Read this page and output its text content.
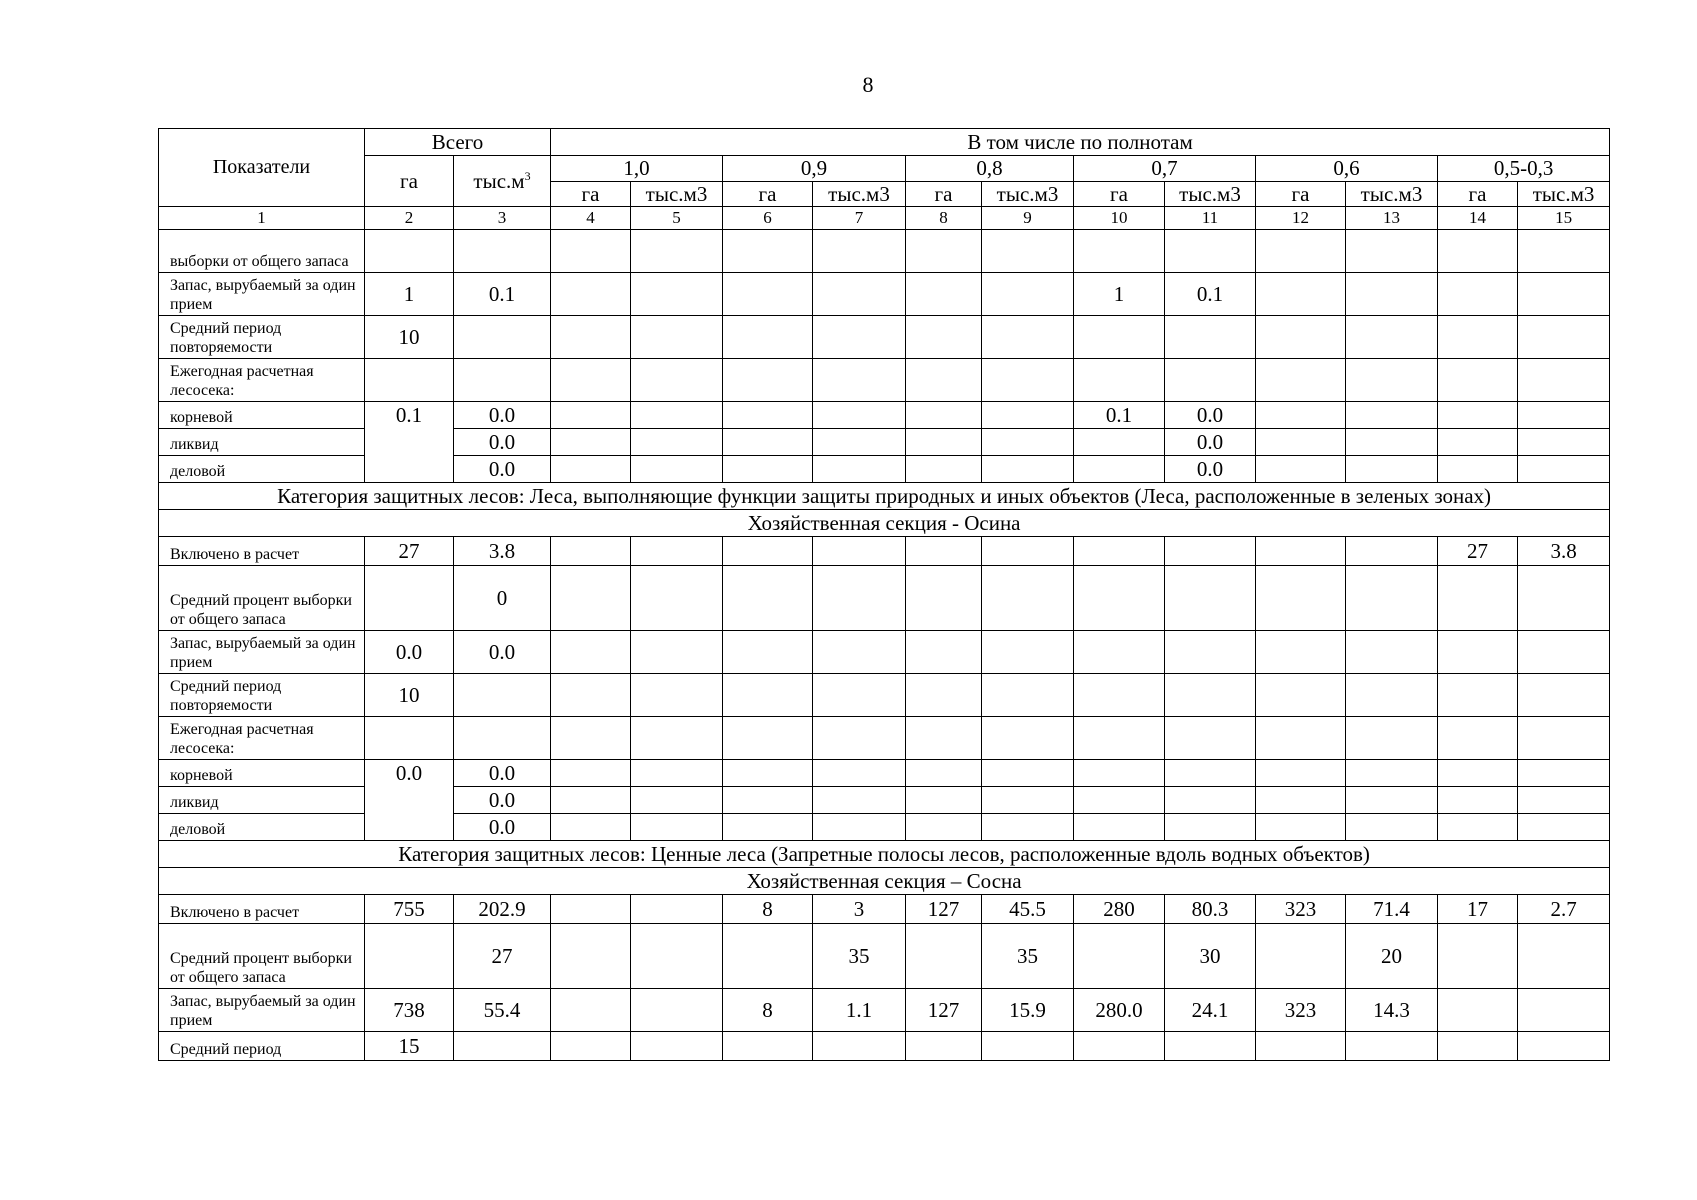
8
Показатели	Всего		В том числе по полнотам											
	га	$тыс.м^3$	1,0		0,9		0,8		0,7		0,6		0,5-0,3	
			га	тыс.м3	га	тыс.м3	га	тыс.м3	га	тыс.м3	га	тыс.м3	га	тыс.м3
1	2	3	4	5	6	7	8	9	10	11	12	13	14	15
выборки от общего запаса														
Запас, вырубаемый за один прием	1	0.1							1	0.1				
Средний период повторяемости	10													
Ежегодная расчетная лесосека:														
корневой	0.1	0.0							0.1	0.0				
ликвид		0.0								0.0				
деловой		0.0								0.0				
Категория защитных лесов: Леса, выполняющие функции защиты природных и иных объектов (Леса, расположенные в зеленых зонах)														
Хозяйственная секция - Осина														
Включено в расчет	27	3.8											27	3.8
Средний процент выборки от общего запаса		0												
Запас, вырубаемый за один прием	0.0	0.0												
Средний период повторяемости	10													
Ежегодная расчетная лесосека:														
корневой	0.0	0.0												
ликвид		0.0												
деловой		0.0												
Категория защитных лесов: Ценные леса (Запретные полосы лесов, расположенные вдоль водных объектов)														
Хозяйственная секция – Сосна														
Включено в расчет	755	202.9			8	3	127	45.5	280	80.3	323	71.4	17	2.7
Средний процент выборки от общего запаса		27				35		35		30		20		
Запас, вырубаемый за один прием	738	55.4			8	1.1	127	15.9	280.0	24.1	323	14.3		
Средний период	15													
